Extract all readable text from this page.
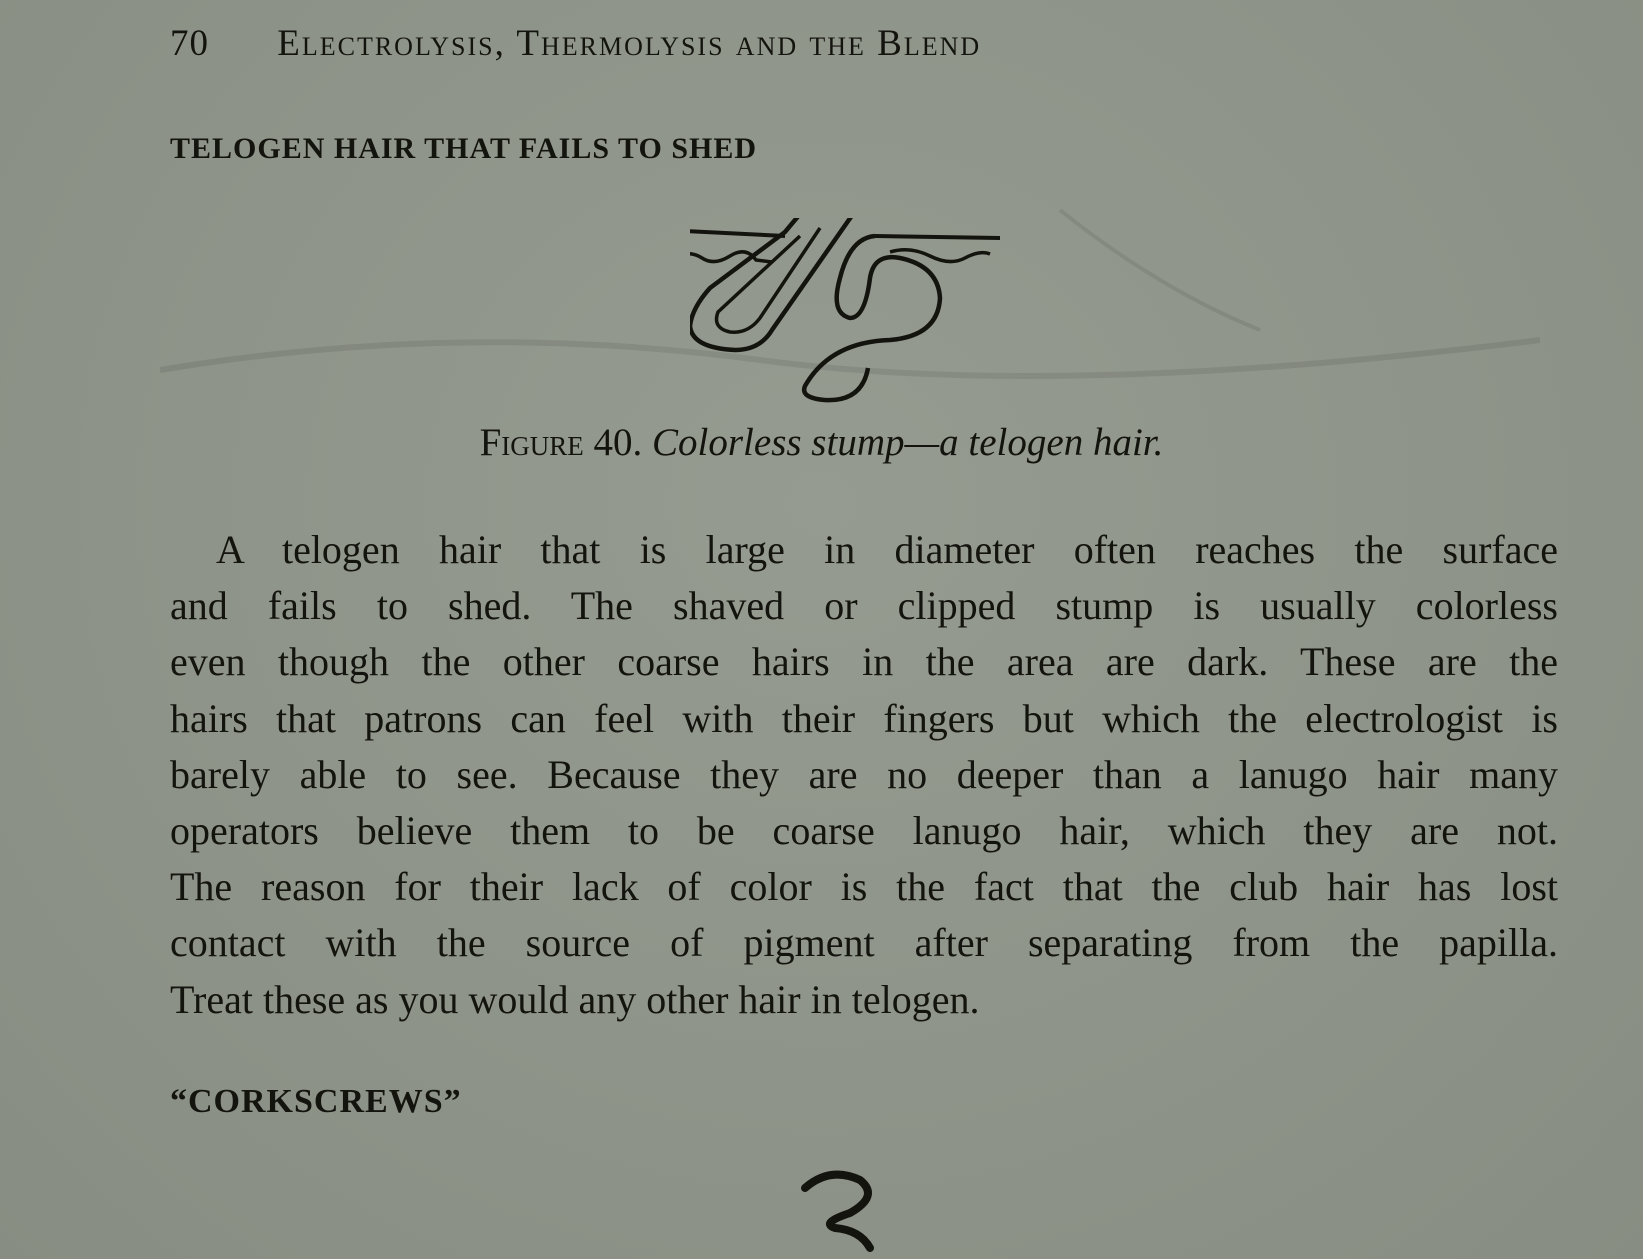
70 Electrolysis, Thermolysis and the Blend
TELOGEN HAIR THAT FAILS TO SHED
Figure 40. Colorless stump—a telogen hair.
A telogen hair that is large in diameter often reaches the surface
and fails to shed. The shaved or clipped stump is usually colorless
even though the other coarse hairs in the area are dark. These are the
hairs that patrons can feel with their fingers but which the electrologist is
barely able to see. Because they are no deeper than a lanugo hair many
operators believe them to be coarse lanugo hair, which they are not.
The reason for their lack of color is the fact that the club hair has lost
contact with the source of pigment after separating from the papilla.
Treat these as you would any other hair in telogen.
“CORKSCREWS”
